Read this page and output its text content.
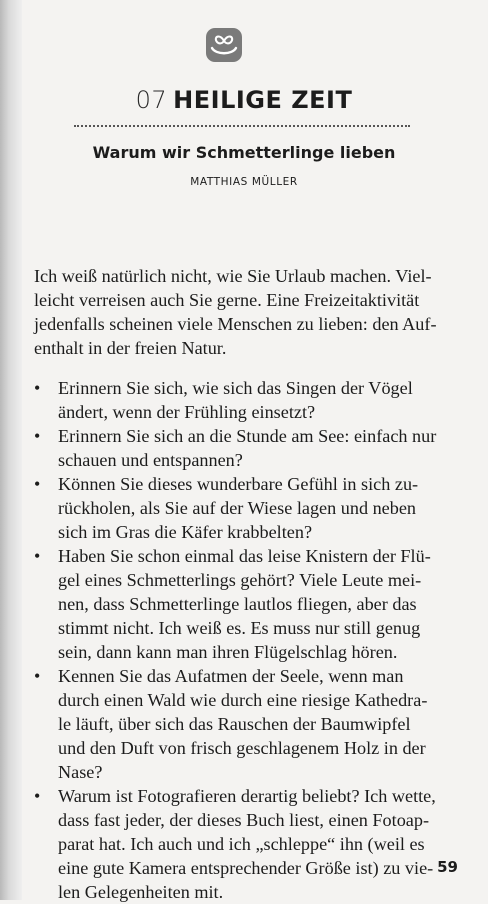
07 HEILIGE ZEIT
Warum wir Schmetterlinge lieben
MATTHIAS MÜLLER
Ich weiß natürlich nicht, wie Sie Urlaub machen. Viel-
leicht verreisen auch Sie gerne. Eine Freizeitaktivität
jedenfalls scheinen viele Menschen zu lieben: den Auf-
enthalt in der freien Natur.
• Erinnern Sie sich, wie sich das Singen der Vögel
ändert, wenn der Frühling einsetzt?
• Erinnern Sie sich an die Stunde am See: einfach nur
schauen und entspannen?
• Können Sie dieses wunderbare Gefühl in sich zu-
rückholen, als Sie auf der Wiese lagen und neben
sich im Gras die Käfer krabbelten?
• Haben Sie schon einmal das leise Knistern der Flü-
gel eines Schmetterlings gehört? Viele Leute mei-
nen, dass Schmetterlinge lautlos fliegen, aber das
stimmt nicht. Ich weiß es. Es muss nur still genug
sein, dann kann man ihren Flügelschlag hören.
• Kennen Sie das Aufatmen der Seele, wenn man
durch einen Wald wie durch eine riesige Kathedra-
le läuft, über sich das Rauschen der Baumwipfel
und den Duft von frisch geschlagenem Holz in der
Nase?
• Warum ist Fotografieren derartig beliebt? Ich wette,
dass fast jeder, der dieses Buch liest, einen Fotoap-
parat hat. Ich auch und ich „schleppe“ ihn (weil es
eine gute Kamera entsprechender Größe ist) zu vie-
len Gelegenheiten mit.
59
